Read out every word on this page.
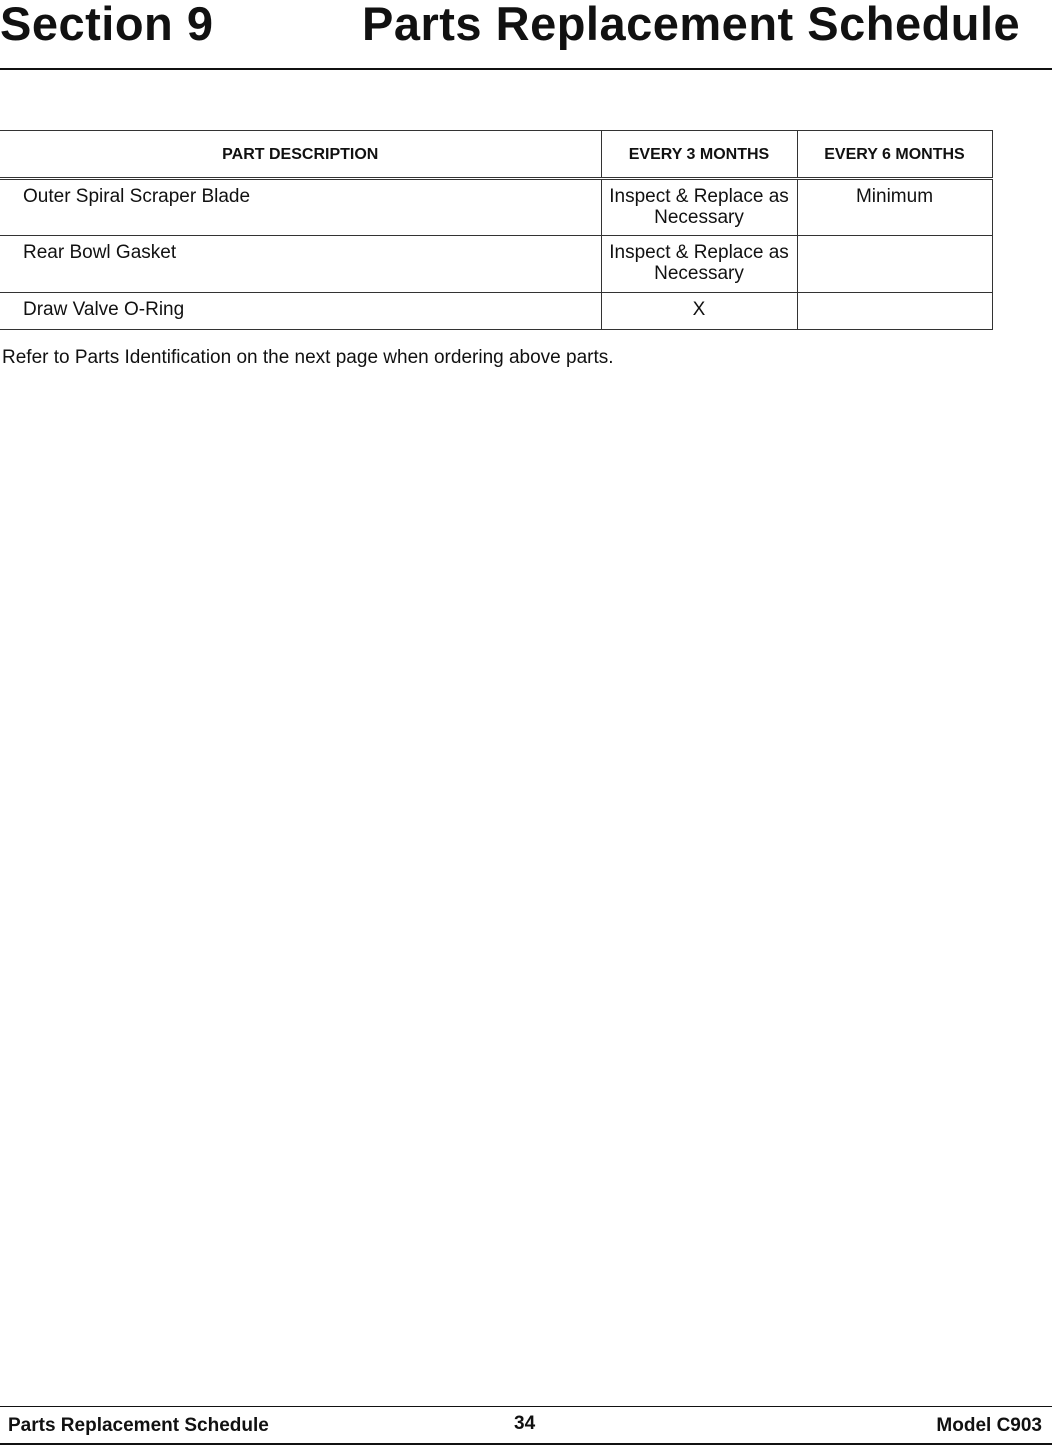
Section 9	Parts Replacement Schedule
PART DESCRIPTION	EVERY 3 MONTHS	EVERY 6 MONTHS
Outer Spiral Scraper Blade	Inspect & Replace as Necessary	Minimum
Rear Bowl Gasket	Inspect & Replace as Necessary	
Draw Valve O-Ring	X	
Refer to Parts Identification on the next page when ordering above parts.
Parts Replacement Schedule	34	Model C903
